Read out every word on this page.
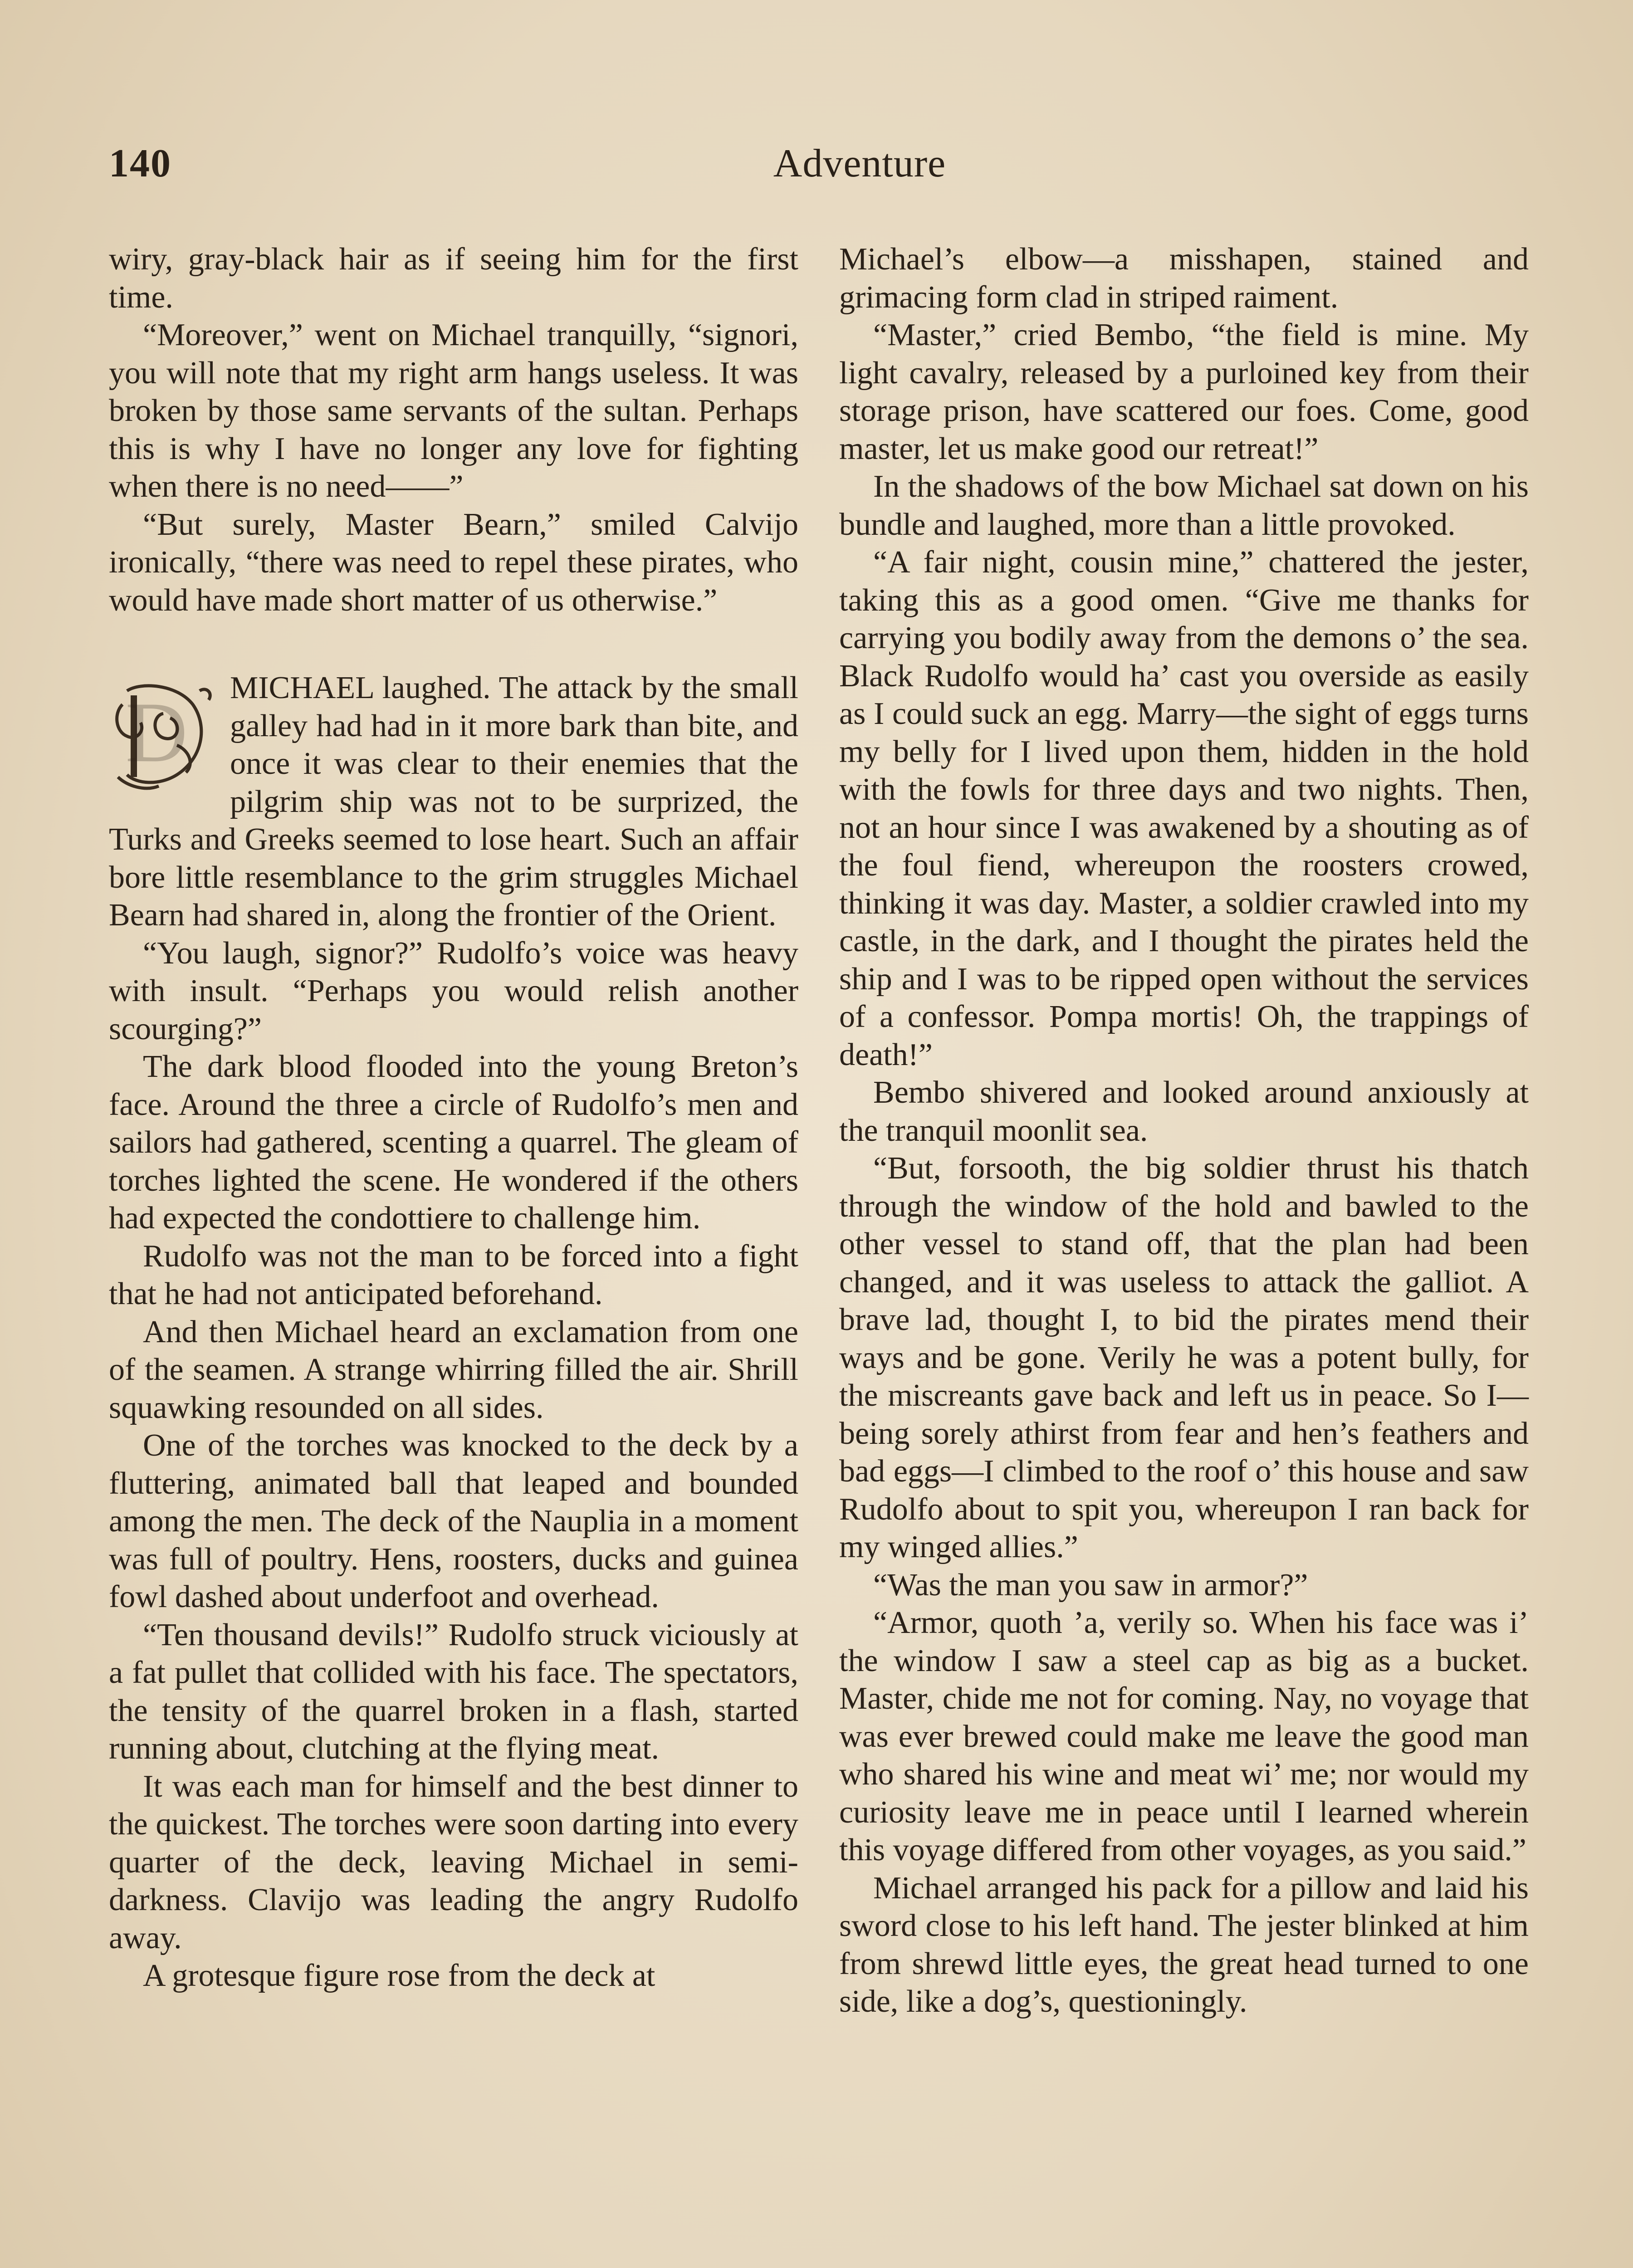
140	Adventure

wiry, gray-black hair as if seeing him for the first time.

“Moreover,” went on Michael tranquilly, “signori, you will note that my right arm hangs useless. It was broken by those same servants of the sultan. Perhaps this is why I have no longer any love for fighting when there is no need——”

“But surely, Master Bearn,” smiled Calvijo ironically, “there was need to repel these pirates, who would have made short matter of us otherwise.”

D MICHAEL laughed. The attack by the small galley had had in it more bark than bite, and once it was clear to their enemies that the pilgrim ship was not to be surprized, the Turks and Greeks seemed to lose heart. Such an affair bore little resemblance to the grim struggles Michael Bearn had shared in, along the frontier of the Orient.

“You laugh, signor?” Rudolfo’s voice was heavy with insult. “Perhaps you would relish another scourging?”

The dark blood flooded into the young Breton’s face. Around the three a circle of Rudolfo’s men and sailors had gathered, scenting a quarrel. The gleam of torches lighted the scene. He wondered if the others had expected the condottiere to challenge him.

Rudolfo was not the man to be forced into a fight that he had not anticipated beforehand.

And then Michael heard an exclamation from one of the seamen. A strange whirring filled the air. Shrill squawking resounded on all sides.

One of the torches was knocked to the deck by a fluttering, animated ball that leaped and bounded among the men. The deck of the Nauplia in a moment was full of poultry. Hens, roosters, ducks and guinea fowl dashed about underfoot and overhead.

“Ten thousand devils!” Rudolfo struck viciously at a fat pullet that collided with his face. The spectators, the tensity of the quarrel broken in a flash, started running about, clutching at the flying meat.

It was each man for himself and the best dinner to the quickest. The torches were soon darting into every quarter of the deck, leaving Michael in semi-darkness. Clavijo was leading the angry Rudolfo away.

A grotesque figure rose from the deck at

Michael’s elbow—a misshapen, stained and grimacing form clad in striped raiment.

“Master,” cried Bembo, “the field is mine. My light cavalry, released by a purloined key from their storage prison, have scattered our foes. Come, good master, let us make good our retreat!”

In the shadows of the bow Michael sat down on his bundle and laughed, more than a little provoked.

“A fair night, cousin mine,” chattered the jester, taking this as a good omen. “Give me thanks for carrying you bodily away from the demons o’ the sea. Black Rudolfo would ha’ cast you overside as easily as I could suck an egg. Marry—the sight of eggs turns my belly for I lived upon them, hidden in the hold with the fowls for three days and two nights. Then, not an hour since I was awakened by a shouting as of the foul fiend, whereupon the roosters crowed, thinking it was day. Master, a soldier crawled into my castle, in the dark, and I thought the pirates held the ship and I was to be ripped open without the services of a confessor. Pompa mortis! Oh, the trappings of death!”

Bembo shivered and looked around anxiously at the tranquil moonlit sea.

“But, forsooth, the big soldier thrust his thatch through the window of the hold and bawled to the other vessel to stand off, that the plan had been changed, and it was useless to attack the galliot. A brave lad, thought I, to bid the pirates mend their ways and be gone. Verily he was a potent bully, for the miscreants gave back and left us in peace. So I—being sorely athirst from fear and hen’s feathers and bad eggs—I climbed to the roof o’ this house and saw Rudolfo about to spit you, whereupon I ran back for my winged allies.”

“Was the man you saw in armor?”

“Armor, quoth ’a, verily so. When his face was i’ the window I saw a steel cap as big as a bucket. Master, chide me not for coming. Nay, no voyage that was ever brewed could make me leave the good man who shared his wine and meat wi’ me; nor would my curiosity leave me in peace until I learned wherein this voyage differed from other voyages, as you said.”

Michael arranged his pack for a pillow and laid his sword close to his left hand. The jester blinked at him from shrewd little eyes, the great head turned to one side, like a dog’s, questioningly.
